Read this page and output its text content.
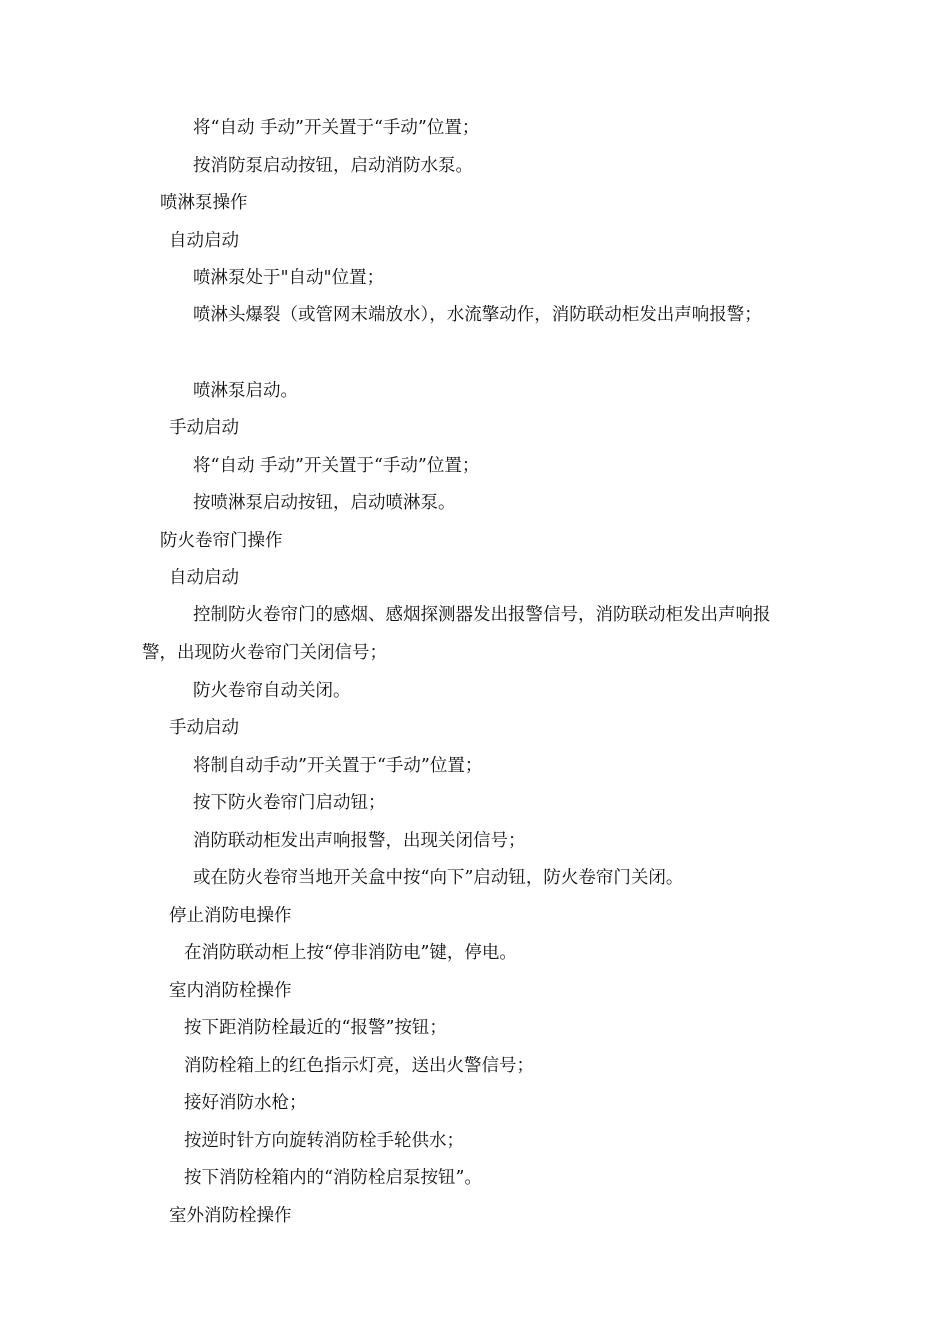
将“自动 手动”开关置于“手动”位置；
按消防泵启动按钮，启动消防水泵。
喷淋泵操作
自动启动
喷淋泵处于"自动"位置；
喷淋头爆裂（或管网末端放水），水流擎动作，消防联动柜发出声响报警；
喷淋泵启动。
手动启动
将“自动 手动”开关置于“手动”位置；
按喷淋泵启动按钮，启动喷淋泵。
防火卷帘门操作
自动启动
控制防火卷帘门的感烟、感烟探测器发出报警信号，消防联动柜发出声响报警，出现防火卷帘门关闭信号；
防火卷帘自动关闭。
手动启动
将制自动手动”开关置于“手动”位置；
按下防火卷帘门启动钮；
消防联动柜发出声响报警，出现关闭信号；
或在防火卷帘当地开关盒中按“向下”启动钮，防火卷帘门关闭。
停止消防电操作
在消防联动柜上按“停非消防电”键，停电。
室内消防栓操作
按下距消防栓最近的“报警”按钮；
消防栓箱上的红色指示灯亮，送出火警信号；
接好消防水枪；
按逆时针方向旋转消防栓手轮供水；
按下消防栓箱内的“消防栓启泵按钮”。
室外消防栓操作
